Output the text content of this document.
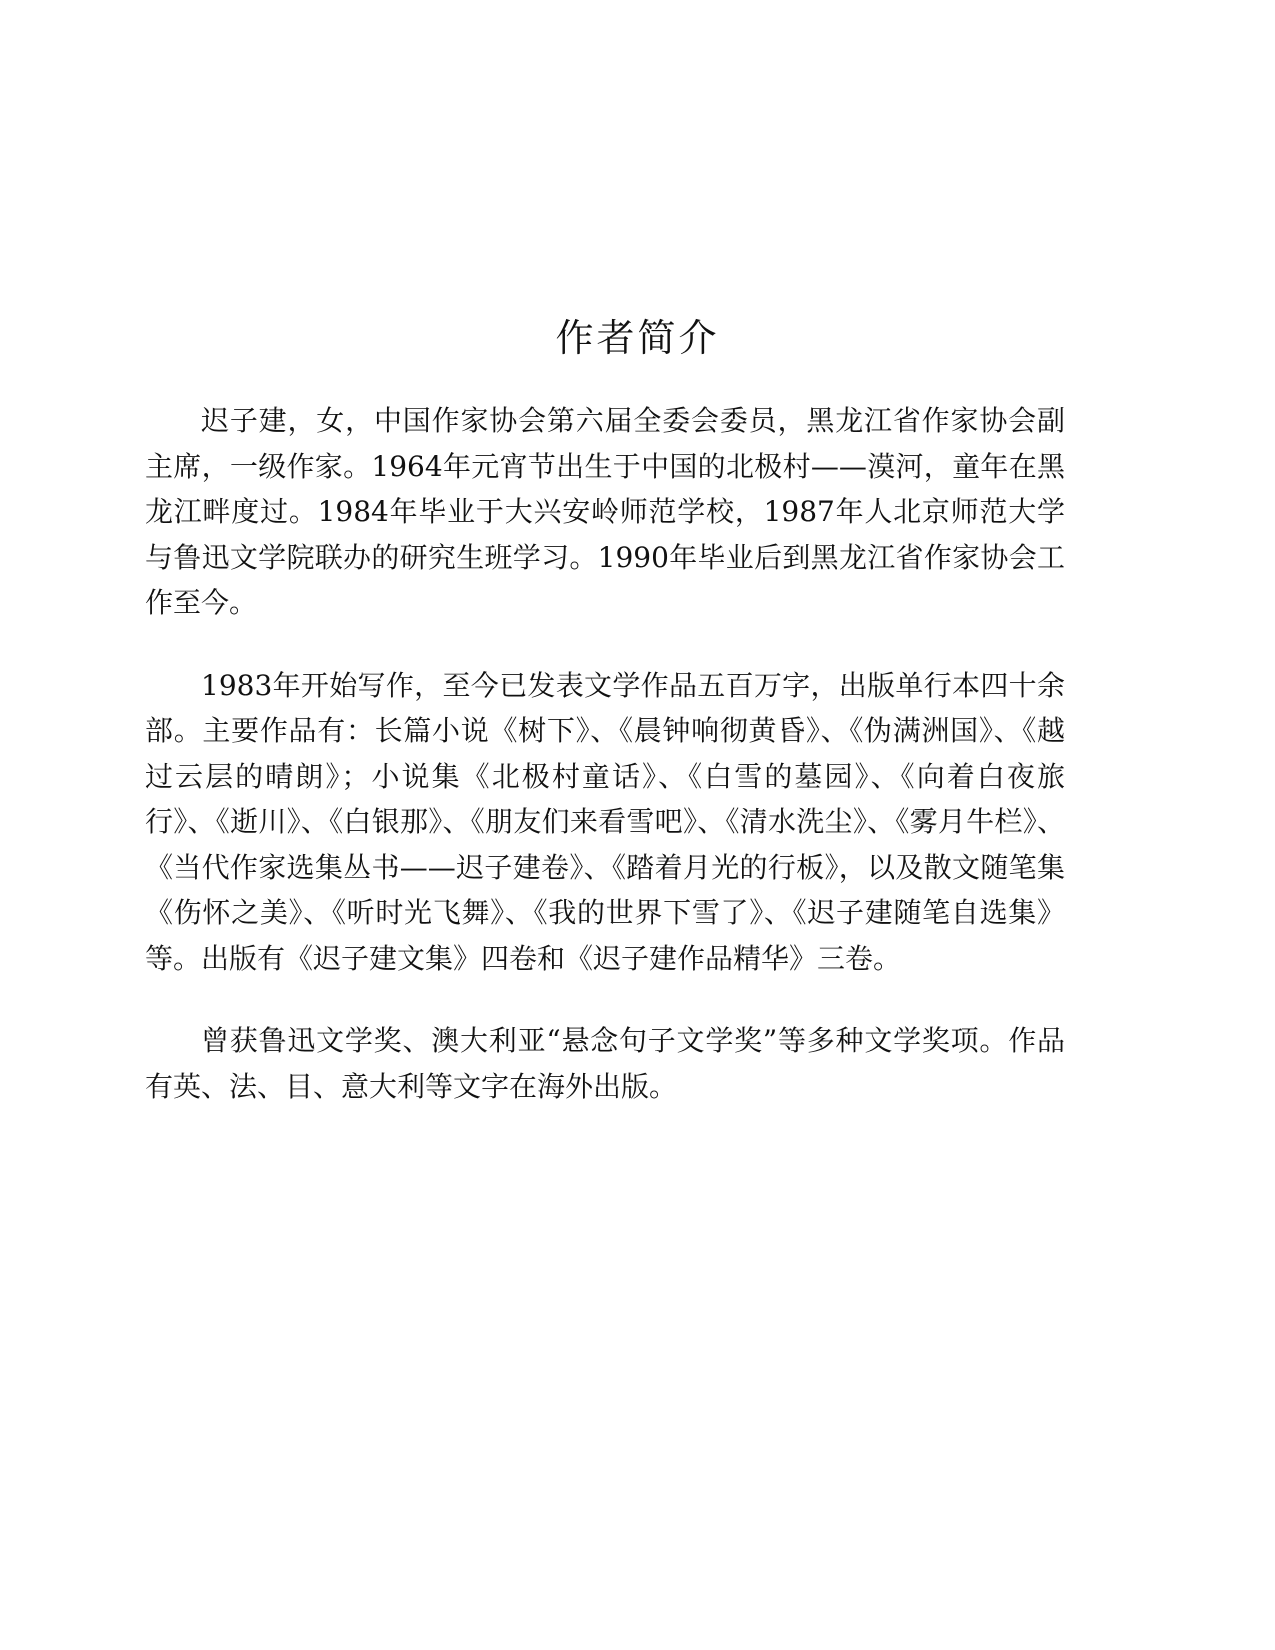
作者简介

迟子建，女，中国作家协会第六届全委会委员，黑龙江省作家协会副主席，一级作家。1964年元宵节出生于中国的北极村——漠河，童年在黑龙江畔度过。1984年毕业于大兴安岭师范学校，1987年人北京师范大学与鲁迅文学院联办的研究生班学习。1990年毕业后到黑龙江省作家协会工作至今。

1983年开始写作，至今已发表文学作品五百万字，出版单行本四十余部。主要作品有：长篇小说《树下》、《晨钟响彻黄昏》、《伪满洲国》、《越过云层的晴朗》；小说集《北极村童话》、《白雪的墓园》、《向着白夜旅行》、《逝川》、《白银那》、《朋友们来看雪吧》、《清水洗尘》、《雾月牛栏》、《当代作家选集丛书——迟子建卷》、《踏着月光的行板》，以及散文随笔集《伤怀之美》、《听时光飞舞》、《我的世界下雪了》、《迟子建随笔自选集》等。出版有《迟子建文集》四卷和《迟子建作品精华》三卷。

曾获鲁迅文学奖、澳大利亚“悬念句子文学奖”等多种文学奖项。作品有英、法、目、意大利等文字在海外出版。
